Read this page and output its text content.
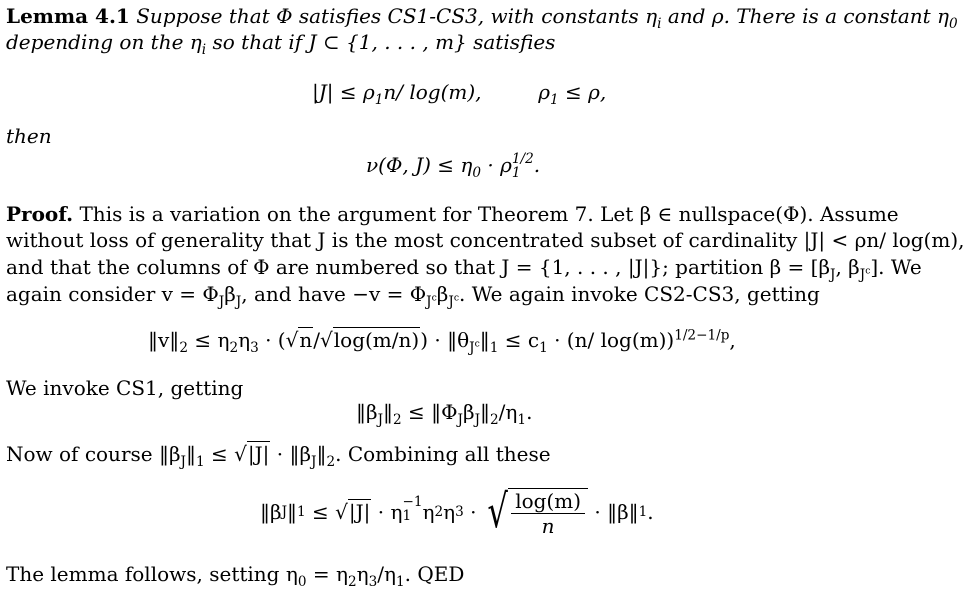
Lemma 4.1 Suppose that Φ satisfies CS1-CS3, with constants $\eta_i$ and ρ. There is a constant $\eta_0$
depending on the $\eta_i$ so that if J ⊂ {1, . . . , m} satisfies
$|J| \le \rho_1n/$ log(m),	$\rho_1 \le \rho$,
then
ν(Φ, $J) \le \eta_0 \cdot \rho$ 1/2
1 .
Proof. This is a variation on the argument for Theorem 7. Let β ∈ nullspace(Φ). Assume
without loss of generality that J is the most concentrated subset of cardinality |J| < ρn/ log(m),
and that the columns of Φ are numbered so that J = {1, . . . , |J|}; partition $\beta = [\beta_J$, $\beta_{J^c}$]. We
again consider $v = \Phi_J\beta_J$, and have $-v = \Phi_{J^c}\beta_{J^c}$. We again invoke CS2-CS3, getting
$‖v‖_2 \le \eta_2\eta_3 \cdot (√n/√\log(m/n))$ · $‖\theta_{J^c}‖_1 \le c_1 \cdot (n/$ log(m))$^{1/2-1/p}$,
We invoke CS1, getting
$‖\beta_J‖_2$ ≤ $‖\Phi_J\beta_J‖_2/\eta_1$.
Now of course $‖\beta_J‖_1 \le √|J|$ · $‖\beta_J‖_2$. Combining all these
‖β J ‖ 1 ≤ √|J| · η −1
1 η 2 η 3 · √ $\frac{\log(m)}{n}$ · ‖β‖ 1 .
The lemma follows, setting $\eta_0 = \eta_2\eta_3/\eta_1$. QED
